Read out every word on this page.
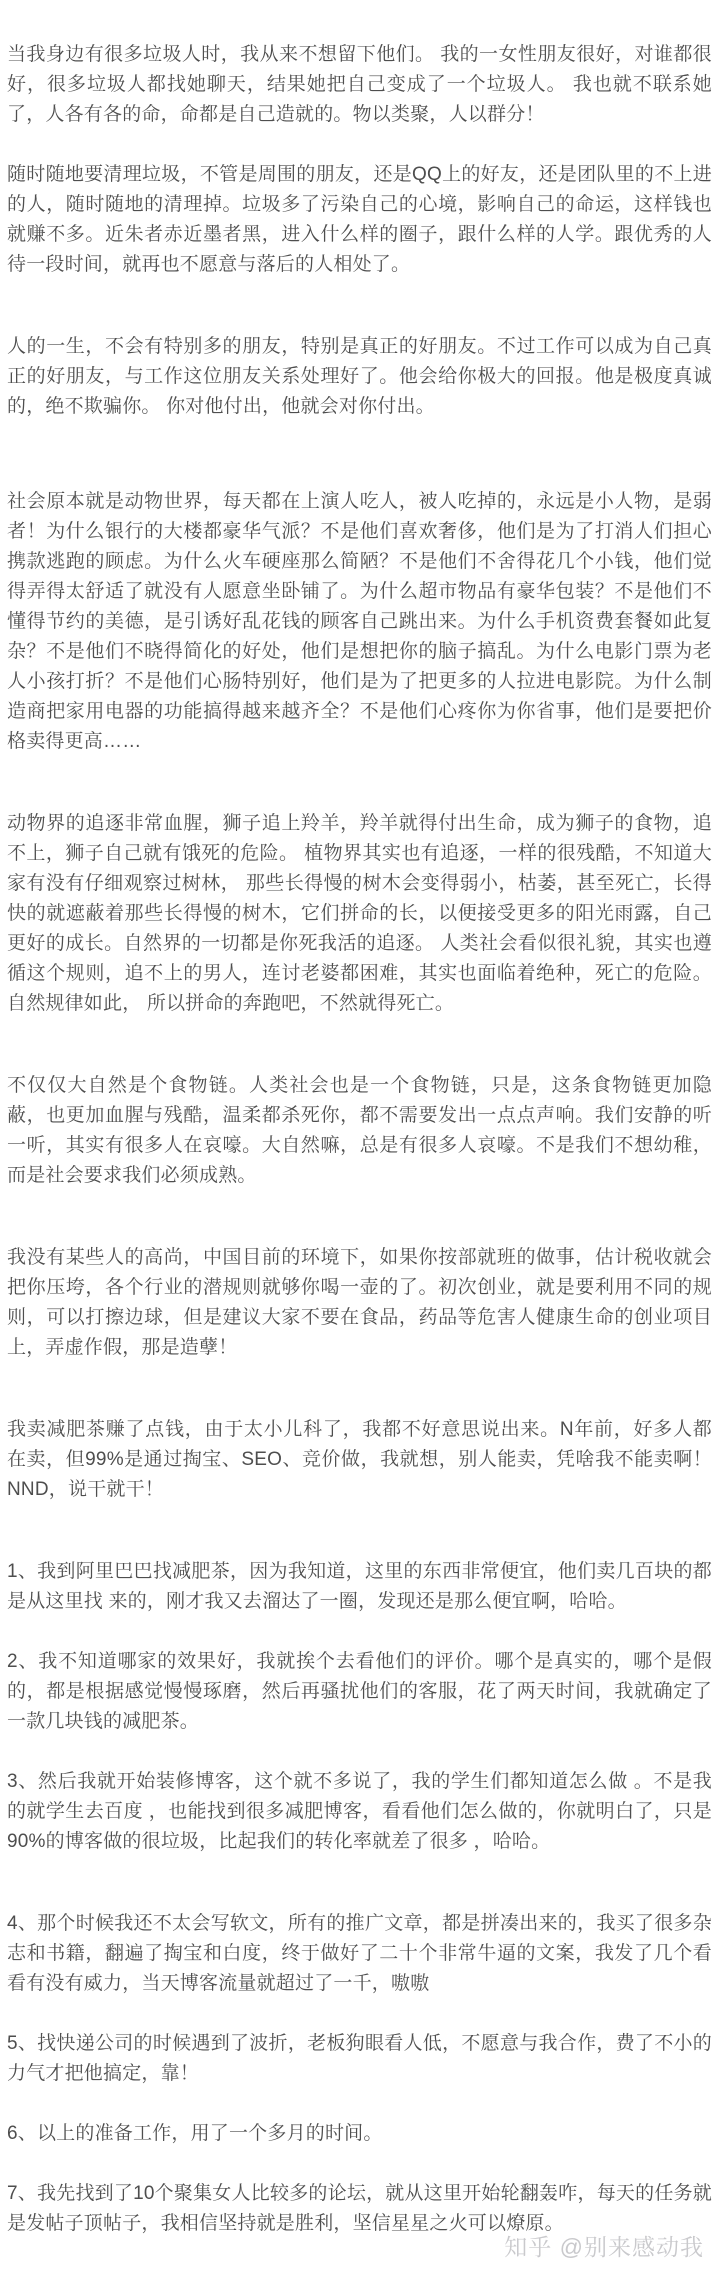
当我身边有很多垃圾人时，我从来不想留下他们。 我的一女性朋友很好，对谁都很好，很多垃圾人都找她聊天，结果她把自己变成了一个垃圾人。 我也就不联系她了，人各有各的命，命都是自己造就的。物以类聚，人以群分！

随时随地要清理垃圾，不管是周围的朋友，还是QQ上的好友，还是团队里的不上进的人，随时随地的清理掉。垃圾多了污染自己的心境，影响自己的命运，这样钱也就赚不多。近朱者赤近墨者黑，进入什么样的圈子，跟什么样的人学。跟优秀的人待一段时间，就再也不愿意与落后的人相处了。

人的一生，不会有特别多的朋友，特别是真正的好朋友。不过工作可以成为自己真正的好朋友，与工作这位朋友关系处理好了。他会给你极大的回报。他是极度真诚的，绝不欺骗你。 你对他付出，他就会对你付出。

社会原本就是动物世界，每天都在上演人吃人，被人吃掉的，永远是小人物，是弱者！为什么银行的大楼都豪华气派？不是他们喜欢奢侈，他们是为了打消人们担心携款逃跑的顾虑。为什么火车硬座那么简陋？不是他们不舍得花几个小钱，他们觉得弄得太舒适了就没有人愿意坐卧铺了。为什么超市物品有豪华包装？不是他们不懂得节约的美德，是引诱好乱花钱的顾客自己跳出来。为什么手机资费套餐如此复杂？不是他们不晓得简化的好处，他们是想把你的脑子搞乱。为什么电影门票为老人小孩打折？不是他们心肠特别好，他们是为了把更多的人拉进电影院。为什么制造商把家用电器的功能搞得越来越齐全？不是他们心疼你为你省事，他们是要把价格卖得更高……

动物界的追逐非常血腥，狮子追上羚羊，羚羊就得付出生命，成为狮子的食物，追不上，狮子自己就有饿死的危险。 植物界其实也有追逐，一样的很残酷，不知道大家有没有仔细观察过树林， 那些长得慢的树木会变得弱小，枯萎，甚至死亡，长得快的就遮蔽着那些长得慢的树木，它们拼命的长，以便接受更多的阳光雨露，自己更好的成长。自然界的一切都是你死我活的追逐。 人类社会看似很礼貌，其实也遵循这个规则，追不上的男人，连讨老婆都困难，其实也面临着绝种，死亡的危险。 自然规律如此， 所以拼命的奔跑吧，不然就得死亡。

不仅仅大自然是个食物链。人类社会也是一个食物链，只是，这条食物链更加隐蔽，也更加血腥与残酷，温柔都杀死你，都不需要发出一点点声响。我们安静的听一听，其实有很多人在哀嚎。大自然嘛，总是有很多人哀嚎。不是我们不想幼稚，而是社会要求我们必须成熟。

我没有某些人的高尚，中国目前的环境下，如果你按部就班的做事，估计税收就会把你压垮，各个行业的潜规则就够你喝一壶的了。初次创业，就是要利用不同的规则，可以打擦边球，但是建议大家不要在食品，药品等危害人健康生命的创业项目上，弄虚作假，那是造孽！

我卖减肥茶赚了点钱，由于太小儿科了，我都不好意思说出来。N年前，好多人都在卖，但99%是通过掏宝、SEO、竞价做，我就想，别人能卖，凭啥我不能卖啊！NND，说干就干！

1、我到阿里巴巴找减肥茶，因为我知道，这里的东西非常便宜，他们卖几百块的都是从这里找 来的，刚才我又去溜达了一圈，发现还是那么便宜啊，哈哈。

2、我不知道哪家的效果好，我就挨个去看他们的评价。哪个是真实的，哪个是假的，都是根据感觉慢慢琢磨，然后再骚扰他们的客服，花了两天时间，我就确定了一款几块钱的减肥茶。

3、然后我就开始装修博客，这个就不多说了，我的学生们都知道怎么做 。不是我的就学生去百度 ，也能找到很多减肥博客，看看他们怎么做的，你就明白了，只是90%的博客做的很垃圾，比起我们的转化率就差了很多 ，哈哈。

4、那个时候我还不太会写软文，所有的推广文章，都是拼凑出来的，我买了很多杂志和书籍，翻遍了掏宝和白度，终于做好了二十个非常牛逼的文案，我发了几个看看有没有威力，当天博客流量就超过了一千，嗷嗷

5、找快递公司的时候遇到了波折，老板狗眼看人低，不愿意与我合作，费了不小的力气才把他搞定，靠！

6、以上的准备工作，用了一个多月的时间。

7、我先找到了10个聚集女人比较多的论坛，就从这里开始轮翻轰咋，每天的任务就是发帖子顶帖子，我相信坚持就是胜利，坚信星星之火可以燎原。

知乎 @别来感动我
